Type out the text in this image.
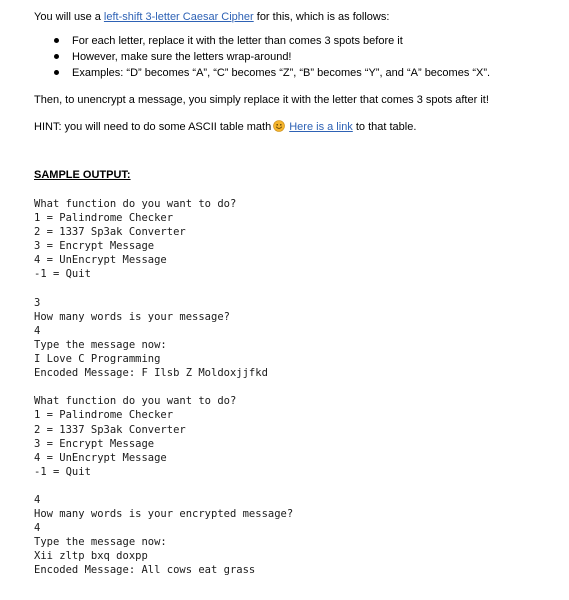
You will use a left-shift 3-letter Caesar Cipher for this, which is as follows:

For each letter, replace it with the letter than comes 3 spots before it
However, make sure the letters wrap-around!
Examples: “D” becomes “A”, “C” becomes “Z”, “B” becomes “Y”, and “A” becomes “X”.

Then, to unencrypt a message, you simply replace it with the letter that comes 3 spots after it!

HINT: you will need to do some ASCII table math Here is a link to that table.

SAMPLE OUTPUT:
What function do you want to do?
1 = Palindrome Checker
2 = 1337 Sp3ak Converter
3 = Encrypt Message
4 = UnEncrypt Message
-1 = Quit
3
How many words is your message?
4
Type the message now:
I Love C Programming
Encoded Message: F Ilsb Z Moldoxjjfkd
What function do you want to do?
1 = Palindrome Checker
2 = 1337 Sp3ak Converter
3 = Encrypt Message
4 = UnEncrypt Message
-1 = Quit
4
How many words is your encrypted message?
4
Type the message now:
Xii zltp bxq doxpp
Encoded Message: All cows eat grass
